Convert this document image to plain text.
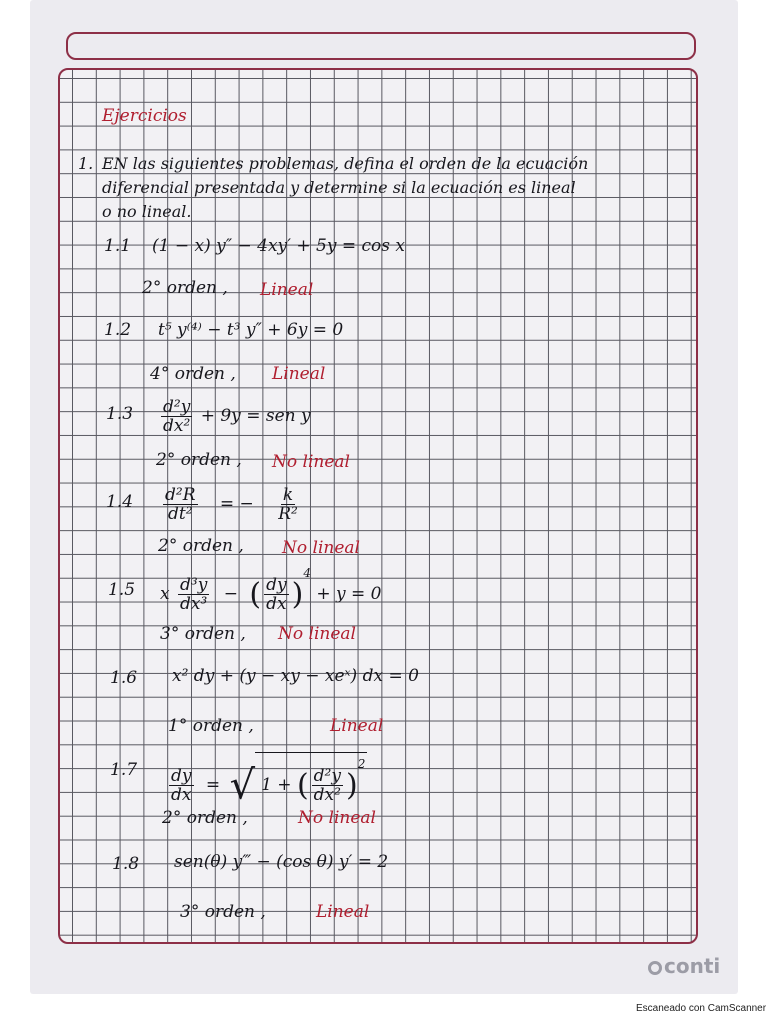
Ejercicios
1. EN las siguientes problemas, defina el orden de la ecuación
diferencial presentada y determine si la ecuación es lineal
o no lineal.
1.1 (1 − x) y″ − 4xy′ + 5y = cos x
2° orden , Lineal
1.2 t⁵ y⁽⁴⁾ − t³ y″ + 6y = 0
4° orden , Lineal
$1.3 \frac{\text{d²y}}{\text{dx²}} + 9y$ = sen y
2° orden , No lineal
$1.4 \frac{\text{d²R}}{\text{dt²}}$ = − $\frac{k}{\text{R²}}$
2° orden , No lineal
1.5 x $\frac{\text{d³y}}{\text{dx³}}$ − ( $\frac{dy}{dx} )^4 + y = 0$
3° orden , No lineal
1.6 x² dy + (y − xy − xeˣ) dx = 0
1° orden ,	Lineal
$1.7 \frac{dy}{dx}$ = √ 1 + ( $\frac{\text{d²y}}{\text{dx²}} )^2$
2° orden ,	No lineal
1.8 sen(θ) y‴ − (cos θ) y′ = 2
3° orden ,	Lineal
conti
Escaneado con CamScanner
